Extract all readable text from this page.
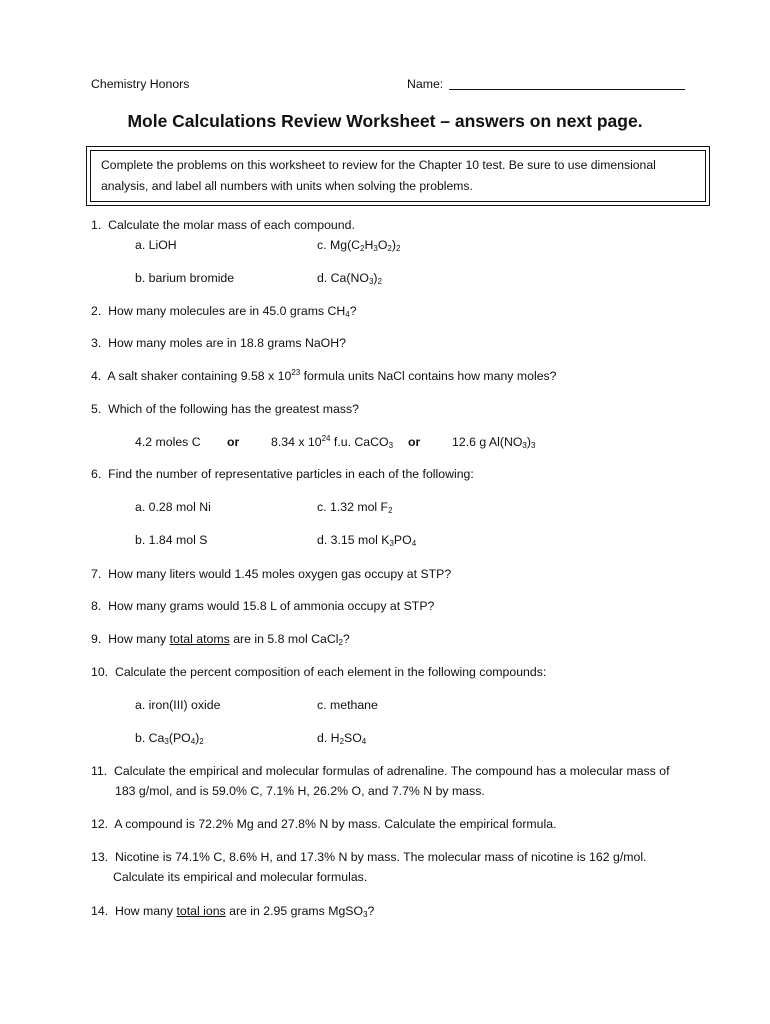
Chemistry Honors	Name:
Mole Calculations Review Worksheet – answers on next page.
Complete the problems on this worksheet to review for the Chapter 10 test. Be sure to use dimensional
analysis, and label all numbers with units when solving the problems.
1. Calculate the molar mass of each compound.
a. LiOH	c. $Mg(C_2H_3O_2)_2$
b. barium bromide	d. $Ca(NO_3)_2$
2. How many molecules are in 45.0 grams $CH_4$?
3. How many moles are in 18.8 grams NaOH?
4. A salt shaker containing 9.58 x $10^{23}$ formula units NaCl contains how many moles?
5. Which of the following has the greatest mass?
4.2 moles C or	8.34 x $10^{24}$ f.u. CaCO$_3$ or	12.6 g $Al(NO_3)_3$
6. Find the number of representative particles in each of the following:
a. 0.28 mol Ni	c. 1.32 mol $F_2$
b. 1.84 mol S	d. 3.15 mol $K_3PO_4$
7. How many liters would 1.45 moles oxygen gas occupy at STP?
8. How many grams would 15.8 L of ammonia occupy at STP?
9. How many total atoms are in 5.8 mol CaCl$_2$?
10. Calculate the percent composition of each element in the following compounds:
a. iron(III) oxide	c. methane
b. $Ca_3(PO_4)_2$	d. $H_2SO_4$
11. Calculate the empirical and molecular formulas of adrenaline. The compound has a molecular mass of
183 g/mol, and is 59.0% C, 7.1% H, 26.2% O, and 7.7% N by mass.
12. A compound is 72.2% Mg and 27.8% N by mass. Calculate the empirical formula.
13. Nicotine is 74.1% C, 8.6% H, and 17.3% N by mass. The molecular mass of nicotine is 162 g/mol.
Calculate its empirical and molecular formulas.
14. How many total ions are in 2.95 grams MgSO$_3$?
